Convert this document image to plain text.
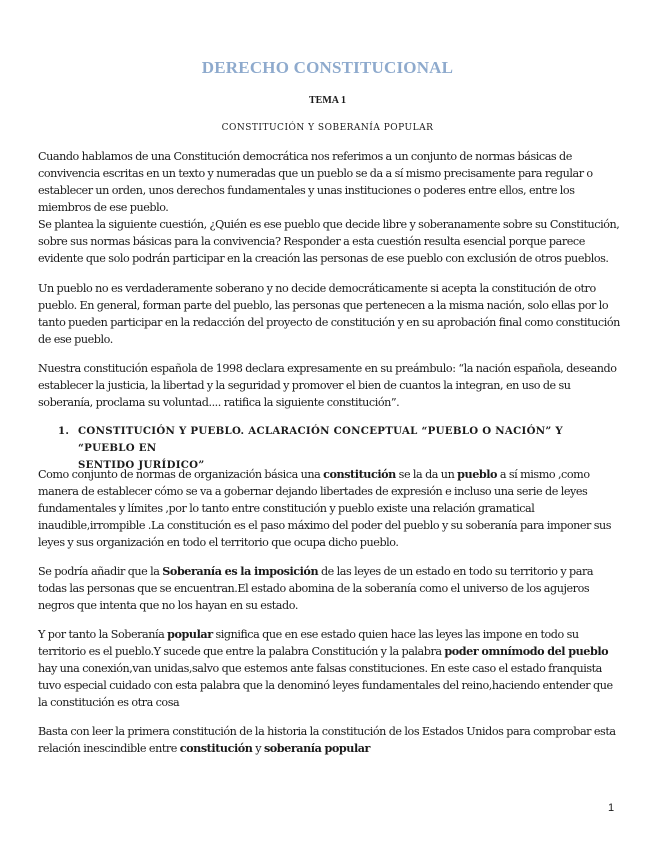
DERECHO CONSTITUCIONAL
TEMA 1
CONSTITUCIÓN Y SOBERANÍA POPULAR
Cuando hablamos de una Constitución democrática nos referimos a un conjunto de normas básicas de
convivencia escritas en un texto y numeradas que un pueblo se da a sí mismo precisamente para regular o
establecer un orden, unos derechos fundamentales y unas instituciones o poderes entre ellos, entre los
miembros de ese pueblo.
Se plantea la siguiente cuestión, ¿Quién es ese pueblo que decide libre y soberanamente sobre su Constitución,
sobre sus normas básicas para la convivencia? Responder a esta cuestión resulta esencial porque parece
evidente que solo podrán participar en la creación las personas de ese pueblo con exclusión de otros pueblos.
Un pueblo no es verdaderamente soberano y no decide democráticamente si acepta la constitución de otro
pueblo. En general, forman parte del pueblo, las personas que pertenecen a la misma nación, solo ellas por lo
tanto pueden participar en la redacción del proyecto de constitución y en su aprobación final como constitución
de ese pueblo.
Nuestra constitución española de 1998 declara expresamente en su preámbulo: “la nación española, deseando
establecer la justicia, la libertad y la seguridad y promover el bien de cuantos la integran, en uso de su
soberanía, proclama su voluntad.... ratifica la siguiente constitución”.
1. CONSTITUCIÓN Y PUEBLO. ACLARACIÓN CONCEPTUAL “PUEBLO O NACIÓN” Y “PUEBLO EN
SENTIDO JURÍDICO”
Como conjunto de normas de organización básica una constitución se la da un pueblo a sí mismo ,como
manera de establecer cómo se va a gobernar dejando libertades de expresión e incluso una serie de leyes
fundamentales y límites ,por lo tanto entre constitución y pueblo existe una relación gramatical
inaudible,irrompible .La constitución es el paso máximo del poder del pueblo y su soberanía para imponer sus
leyes y sus organización en todo el territorio que ocupa dicho pueblo.
Se podría añadir que la Soberanía es la imposición de las leyes de un estado en todo su territorio y para
todas las personas que se encuentran.El estado abomina de la soberanía como el universo de los agujeros
negros que intenta que no los hayan en su estado.
Y por tanto la Soberanía popular significa que en ese estado quien hace las leyes las impone en todo su
territorio es el pueblo.Y sucede que entre la palabra Constitución y la palabra poder omnímodo del pueblo
hay una conexión,van unidas,salvo que estemos ante falsas constituciones. En este caso el estado franquista
tuvo especial cuidado con esta palabra que la denominó leyes fundamentales del reino,haciendo entender que
la constitución es otra cosa
Basta con leer la primera constitución de la historia la constitución de los Estados Unidos para comprobar esta
relación inescindible entre constitución y soberanía popular
1
